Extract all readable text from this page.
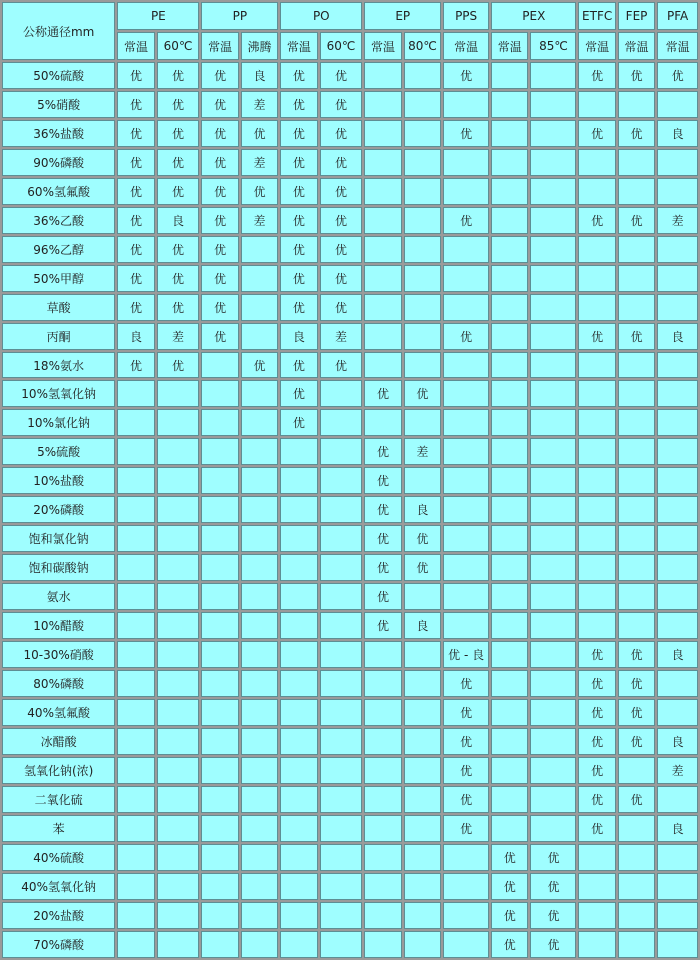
公称通径mm	PE		PP		PO		EP		PPS	PEX		ETFC	FEP	PFA
	常温	60℃	常温	沸腾	常温	60℃	常温	80℃	常温	常温	85℃	常温	常温	常温
50%硫酸	优	优	优	良	优	优			优			优	优	优
5%硝酸	优	优	优	差	优	优								
36%盐酸	优	优	优	优	优	优			优			优	优	良
90%磷酸	优	优	优	差	优	优								
60%氢氟酸	优	优	优	优	优	优								
36%乙酸	优	良	优	差	优	优			优			优	优	差
96%乙醇	优	优	优		优	优								
50%甲醇	优	优	优		优	优								
草酸	优	优	优		优	优								
丙酮	良	差	优		良	差			优			优	优	良
18%氨水	优	优		优	优	优								
10%氢氧化钠					优		优	优						
10%氯化钠					优									
5%硫酸							优	差						
10%盐酸							优							
20%磷酸							优	良						
饱和氯化钠							优	优						
饱和碳酸钠							优	优						
氨水							优							
10%醋酸							优	良						
10-30%硝酸									优 - 良			优	优	良
80%磷酸									优			优	优	
40%氢氟酸									优			优	优	
冰醋酸									优			优	优	良
氢氧化钠(浓)									优			优		差
二氧化硫									优			优	优	
苯									优			优		良
40%硫酸										优	优			
40%氢氧化钠										优	优			
20%盐酸										优	优			
70%磷酸										优	优			
